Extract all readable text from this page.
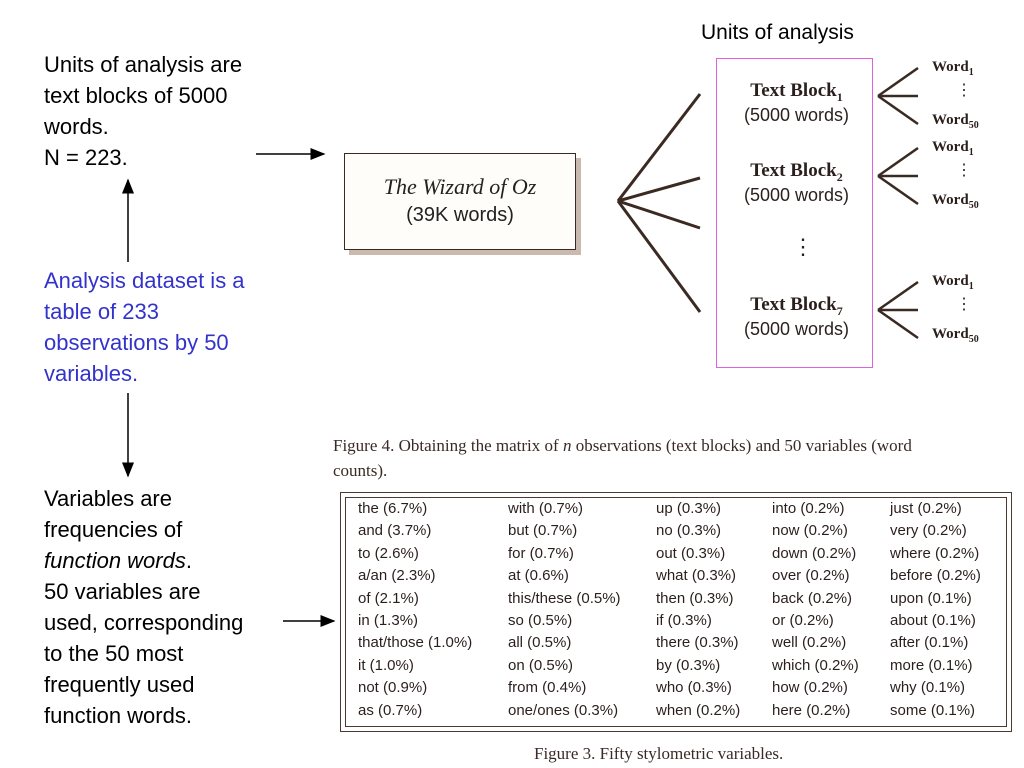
Units of analysis are
text blocks of 5000
words.
N = 223.
Analysis dataset is a
table of 233
observations by 50
variables.
Variables are
frequencies of
function words.
50 variables are
used, corresponding
to the 50 most
frequently used
function words.
Units of analysis
The Wizard of Oz
(39K words)
Text Block$_1$
(5000 words)
Text Block$_2$
(5000 words)
⋮
Text Block$_7$
(5000 words)
Word$_1$
⋮
Word$_{50}$
Word$_1$
⋮
Word$_{50}$
Word$_1$
⋮
Word$_{50}$
Figure 4. Obtaining the matrix of n observations (text blocks) and 50 variables (word
counts).
the (6.7%)
and (3.7%)
to (2.6%)
a/an (2.3%)
of (2.1%)
in (1.3%)
that/those (1.0%)
it (1.0%)
not (0.9%)
as (0.7%)
with (0.7%)
but (0.7%)
for (0.7%)
at (0.6%)
this/these (0.5%)
so (0.5%)
all (0.5%)
on (0.5%)
from (0.4%)
one/ones (0.3%)
up (0.3%)
no (0.3%)
out (0.3%)
what (0.3%)
then (0.3%)
if (0.3%)
there (0.3%)
by (0.3%)
who (0.3%)
when (0.2%)
into (0.2%)
now (0.2%)
down (0.2%)
over (0.2%)
back (0.2%)
or (0.2%)
well (0.2%)
which (0.2%)
how (0.2%)
here (0.2%)
just (0.2%)
very (0.2%)
where (0.2%)
before (0.2%)
upon (0.1%)
about (0.1%)
after (0.1%)
more (0.1%)
why (0.1%)
some (0.1%)
Figure 3. Fifty stylometric variables.
